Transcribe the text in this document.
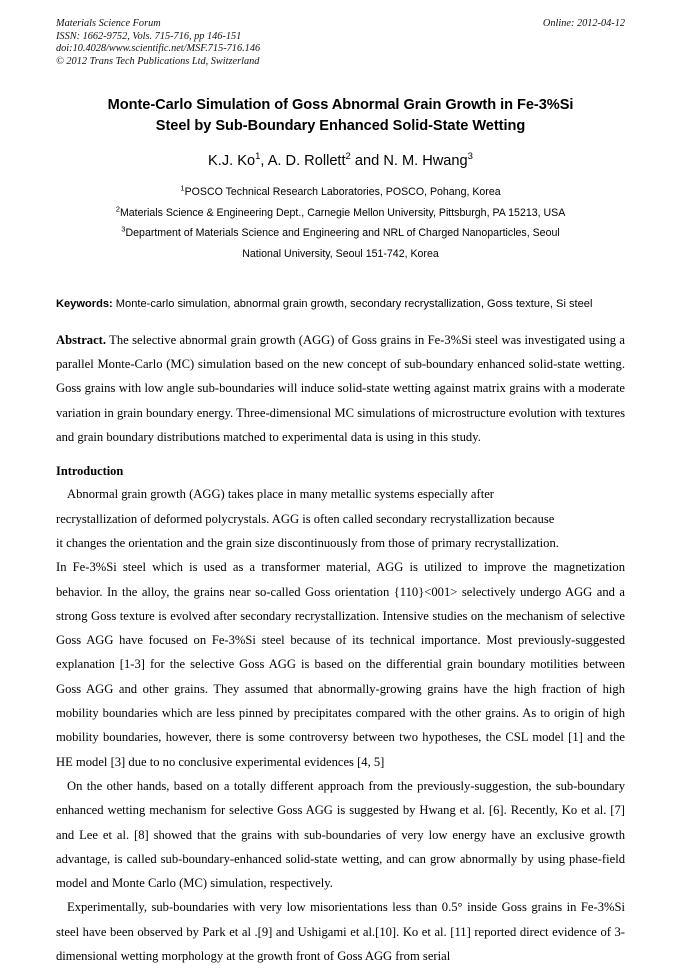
Materials Science Forum
ISSN: 1662-9752, Vols. 715-716, pp 146-151
doi:10.4028/www.scientific.net/MSF.715-716.146
© 2012 Trans Tech Publications Ltd, Switzerland
Online: 2012-04-12
Monte-Carlo Simulation of Goss Abnormal Grain Growth in Fe-3%Si
Steel by Sub-Boundary Enhanced Solid-State Wetting
K.J. Ko$^1$, A. D. Rollett$^2$ and N. M. Hwang$^3$
$^1$POSCO Technical Research Laboratories, POSCO, Pohang, Korea
$^2$Materials Science & Engineering Dept., Carnegie Mellon University, Pittsburgh, PA 15213, USA
$^3$Department of Materials Science and Engineering and NRL of Charged Nanoparticles, Seoul
National University, Seoul 151-742, Korea
Keywords: Monte-carlo simulation, abnormal grain growth, secondary recrystallization, Goss texture, Si steel
Abstract. The selective abnormal grain growth (AGG) of Goss grains in Fe-3%Si steel was investigated using a parallel Monte-Carlo (MC) simulation based on the new concept of sub-boundary enhanced solid-state wetting. Goss grains with low angle sub-boundaries will induce solid-state wetting against matrix grains with a moderate variation in grain boundary energy. Three-dimensional MC simulations of microstructure evolution with textures and grain boundary distributions matched to experimental data is using in this study.
Introduction
Abnormal grain growth (AGG) takes place in many metallic systems especially after
recrystallization of deformed polycrystals. AGG is often called secondary recrystallization because
it changes the orientation and the grain size discontinuously from those of primary recrystallization.
In Fe-3%Si steel which is used as a transformer material, AGG is utilized to improve the magnetization behavior. In the alloy, the grains near so-called Goss orientation {110}<001> selectively undergo AGG and a strong Goss texture is evolved after secondary recrystallization. Intensive studies on the mechanism of selective Goss AGG have focused on Fe-3%Si steel because of its technical importance. Most previously-suggested explanation [1-3] for the selective Goss AGG is based on the differential grain boundary motilities between Goss AGG and other grains. They assumed that abnormally-growing grains have the high fraction of high mobility boundaries which are less pinned by precipitates compared with the other grains. As to origin of high mobility boundaries, however, there is some controversy between two hypotheses, the CSL model [1] and the HE model [3] due to no conclusive experimental evidences [4, 5]
On the other hands, based on a totally different approach from the previously-suggestion, the sub-boundary enhanced wetting mechanism for selective Goss AGG is suggested by Hwang et al. [6]. Recently, Ko et al. [7] and Lee et al. [8] showed that the grains with sub-boundaries of very low energy have an exclusive growth advantage, is called sub-boundary-enhanced solid-state wetting, and can grow abnormally by using phase-field model and Monte Carlo (MC) simulation, respectively.
Experimentally, sub-boundaries with very low misorientations less than 0.5° inside Goss grains in Fe-3%Si steel have been observed by Park et al .[9] and Ushigami et al.[10]. Ko et al. [11] reported direct evidence of 3-dimensional wetting morphology at the growth front of Goss AGG from serial
